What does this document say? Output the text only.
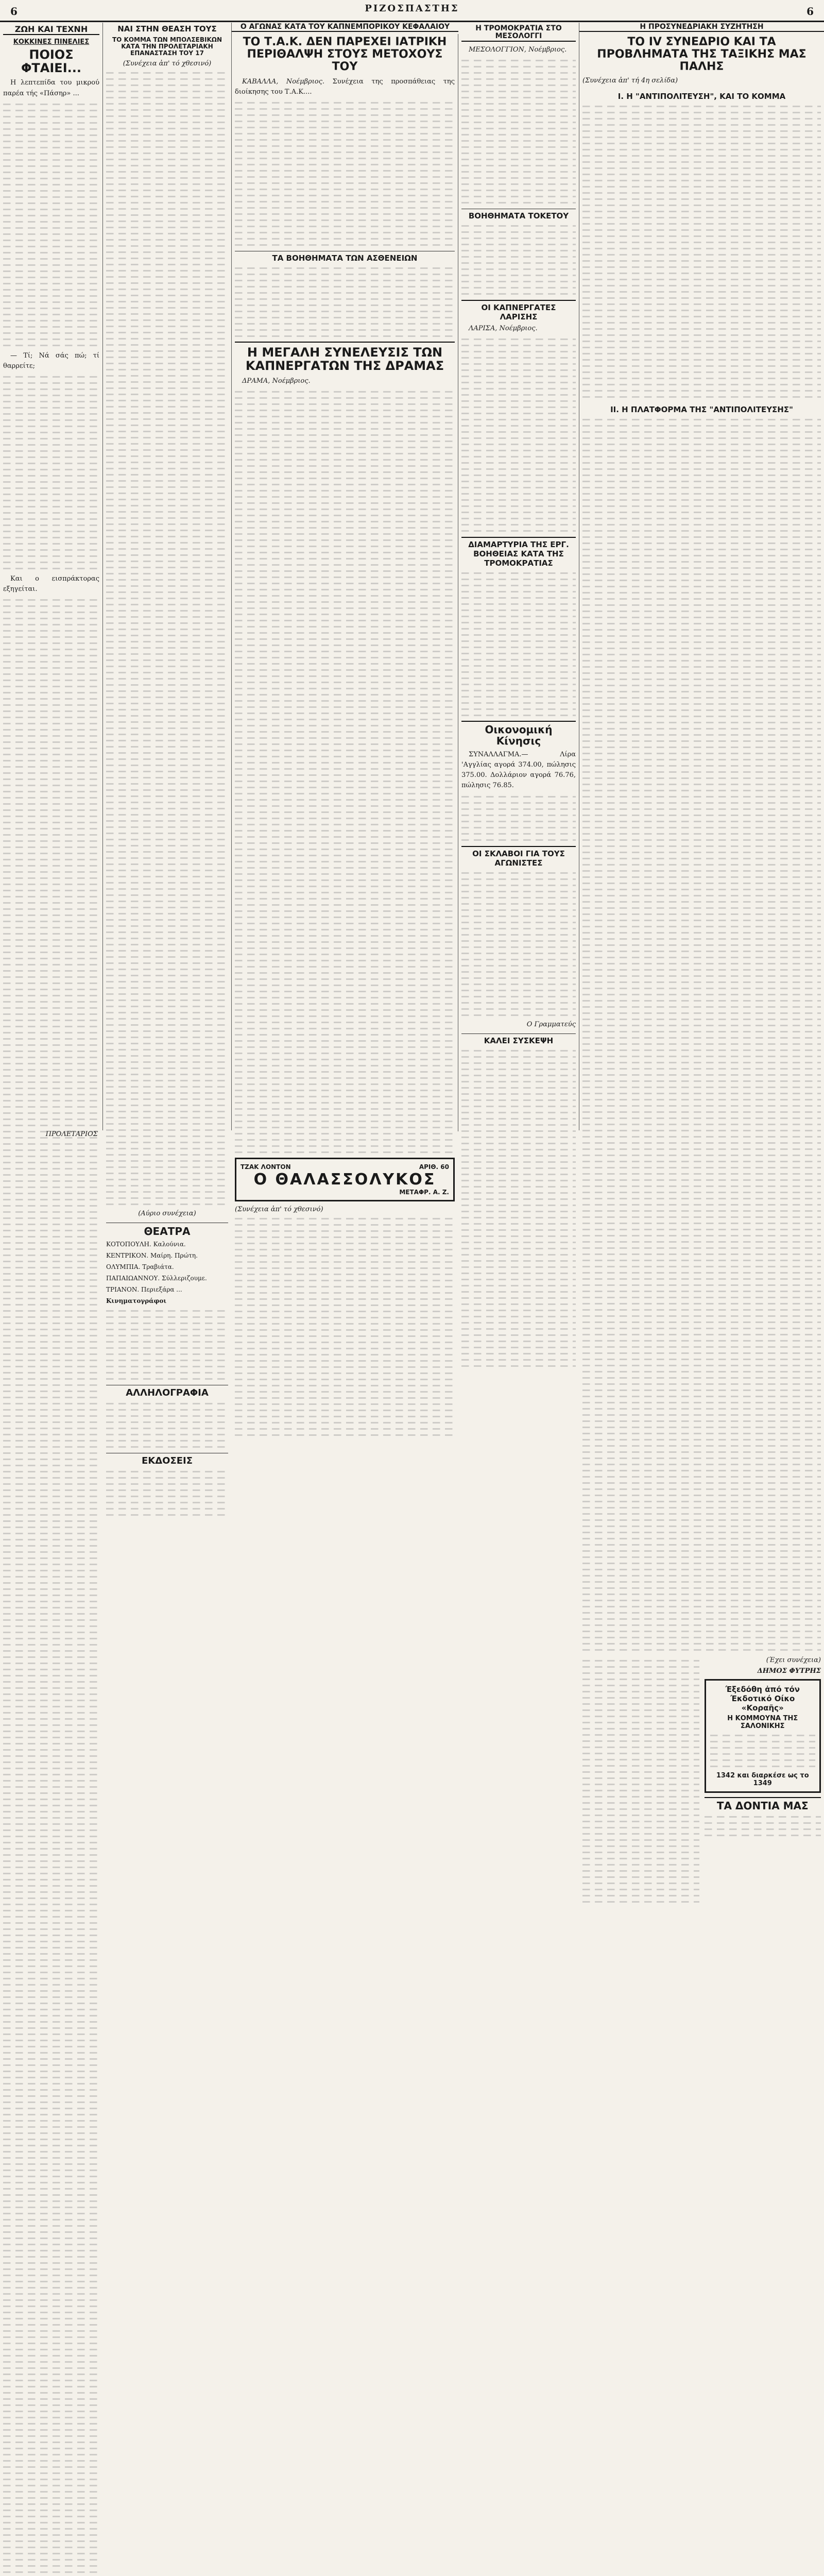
6	ΡΙΖΟΣΠΑΣΤΗΣ	6
ΖΩΗ ΚΑΙ ΤΕΧΝΗ
ΚΟΚΚΙΝΕΣ ΠΙΝΕΛΙΕΣ
ΠΟΙΟΣ ΦΤΑΙΕΙ...

Η λεπτεπίδα του μικρού παρέα τής «Πάσηρ» ...

— Τί; Νά σάς πώ; τί θαρρείτε;

Και ο εισπράκτορας εξηγείται.

ΠΡΟΛΕΤΑΡΙΟΣ
ΝΑΙ ΣΤΗΝ ΘΕΑΣΗ ΤΟΥΣ
ΤΟ ΚΟΜΜΑ ΤΩΝ ΜΠΟΛΣΕΒΙΚΩΝ ΚΑΤΑ ΤΗΝ ΠΡΟΛΕΤΑΡΙΑΚΗ ΕΠΑΝΑΣΤΑΣΗ ΤΟΥ 17
(Συνέχεια ἀπ' τό χθεσινό)
(Αύριο συνέχεια)
ΘΕΑΤΡΑ
ΚΟΤΟΠΟΥΛΗ. Καλούνια.
ΚΕΝΤΡΙΚΟΝ. Μαίρη. Πρώτη.
ΟΛΥΜΠΙΑ. Τραβιάτα.
ΠΑΠΑΙΩΑΝΝΟΥ. Σύλλεριζουμε.
ΤΡΙΑΝΟΝ. Περιεξάρα ...
Κινηματογράφοι
ΑΛΛΗΛΟΓΡΑΦΙΑ
ΕΚΔΟΣΕΙΣ
Ο ΑΓΩΝΑΣ ΚΑΤΑ ΤΟΥ ΚΑΠΝΕΜΠΟΡΙΚΟΥ ΚΕΦΑΛΑΙΟΥ
ΤΟ Τ.Α.Κ. ΔΕΝ ΠΑΡΕΧΕΙ ΙΑΤΡΙΚΗ ΠΕΡΙΘΑΛΨΗ ΣΤΟΥΣ ΜΕΤΟΧΟΥΣ ΤΟΥ

ΚΑΒΑΛΛΑ, Νοέμβριος. Συνέχεια της προσπάθειας της διοίκησης του Τ.Α.Κ....

ΤΑ ΒΟΗΘΗΜΑΤΑ ΤΩΝ ΑΣΘΕΝΕΙΩΝ
Η ΜΕΓΑΛΗ ΣΥΝΕΛΕΥΣΙΣ ΤΩΝ ΚΑΠΝΕΡΓΑΤΩΝ ΤΗΣ ΔΡΑΜΑΣ

ΔΡΑΜΑ, Νοέμβριος.

ΤΖΑΚ ΛΟΝΤΟΝ	ΑΡΙΘ. 60
Ο ΘΑΛΑΣΣΟΛΥΚΟΣ
ΜΕΤΑΦΡ. Α. Ζ.
(Συνέχεια ἀπ' τό χθεσινό)
Η ΤΡΟΜΟΚΡΑΤΙΑ ΣΤΟ ΜΕΣΟΛΟΓΓΙ

ΜΕΣΟΛΟΓΓΙΟΝ, Νοέμβριος.

ΒΟΗΘΗΜΑΤΑ ΤΟΚΕΤΟΥ
ΟΙ ΚΑΠΝΕΡΓΑΤΕΣ ΛΑΡΙΣΗΣ

ΛΑΡΙΣΑ, Νοέμβριος.

ΔΙΑΜΑΡΤΥΡΙΑ ΤΗΣ ΕΡΓ. ΒΟΗΘΕΙΑΣ ΚΑΤΑ ΤΗΣ ΤΡΟΜΟΚΡΑΤΙΑΣ
Οικονομική Κίνησις

ΣΥΝΑΛΛΑΓΜΑ.— Λίρα 'Αγγλίας αγορά 374.00, πώλησις 375.00. Δολλάριον αγορά 76.76, πώλησις 76.85.

ΟΙ ΣΚΛΑΒΟΙ ΓΙΑ ΤΟΥΣ ΑΓΩΝΙΣΤΕΣ
Ο Γραμματεύς
ΚΑΛΕΙ ΣΥΣΚΕΨΗ
Η ΠΡΟΣΥΝΕΔΡΙΑΚΗ ΣΥΖΗΤΗΣΗ
ΤΟ IV ΣΥΝΕΔΡΙΟ ΚΑΙ ΤΑ ΠΡΟΒΛΗΜΑΤΑ ΤΗΣ ΤΑΞΙΚΗΣ ΜΑΣ ΠΑΛΗΣ
(Συνέχεια ἀπ' τή 4η σελίδα)
Ι. Η "ΑΝΤΙΠΟΛΙΤΕΥΣΗ", ΚΑΙ ΤΟ ΚΟΜΜΑ
II. Η ΠΛΑΤΦΟΡΜΑ ΤΗΣ "ΑΝΤΙΠΟΛΙΤΕΥΣΗΣ"
(Έχει συνέχεια)
ΔΗΜΟΣ ΦΥΤΡΗΣ
Έξεδόθη ἀπό τόν
Έκδοτικό Οίκο
«Κοραῆς»
Η ΚΟΜΜΟΥΝΑ ΤΗΣ ΣΑΛΟΝΙΚΗΣ
1342 και διαρκέσε ως το 1349
ΤΑ ΔΟΝΤΙΑ ΜΑΣ
